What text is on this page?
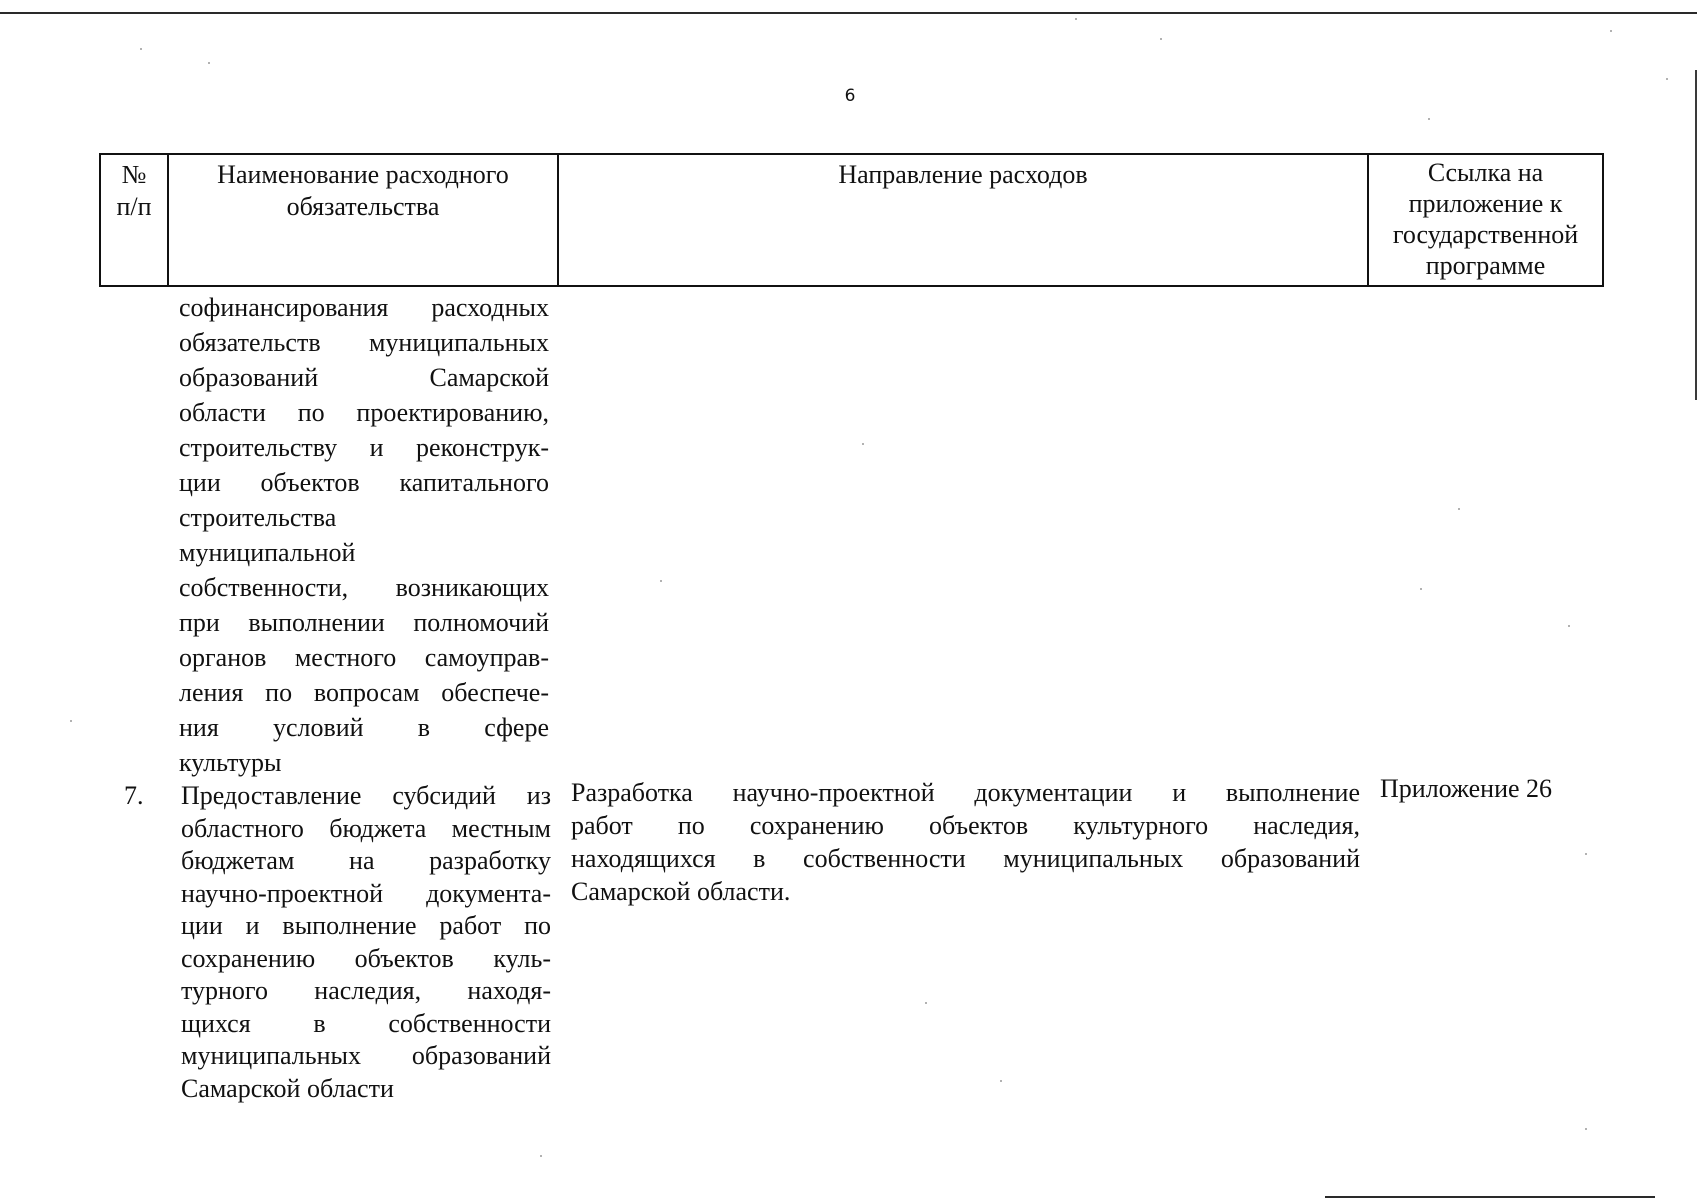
6
№
п/п
Наименование расходного
обязательства
Направление расходов	Ссылка на
приложение к
государственной
программе
софинансирования расходных
обязательств муниципальных
образований Самарской
области по проектированию,
строительству и реконструк-
ции объектов капитального
строительства
муниципальной
собственности, возникающих
при выполнении полномочий
органов местного самоуправ-
ления по вопросам обеспече-
ния условий в сфере
культуры
7. Предоставление субсидий из
областного бюджета местным
бюджетам на разработку
научно-проектной документа-
ции и выполнение работ по
сохранению объектов куль-
турного наследия, находя-
щихся в собственности
муниципальных образований
Самарской области
Разработка научно-проектной документации и выполнение
работ по сохранению объектов культурного наследия,
находящихся в собственности муниципальных образований
Самарской области.
Приложение 26
